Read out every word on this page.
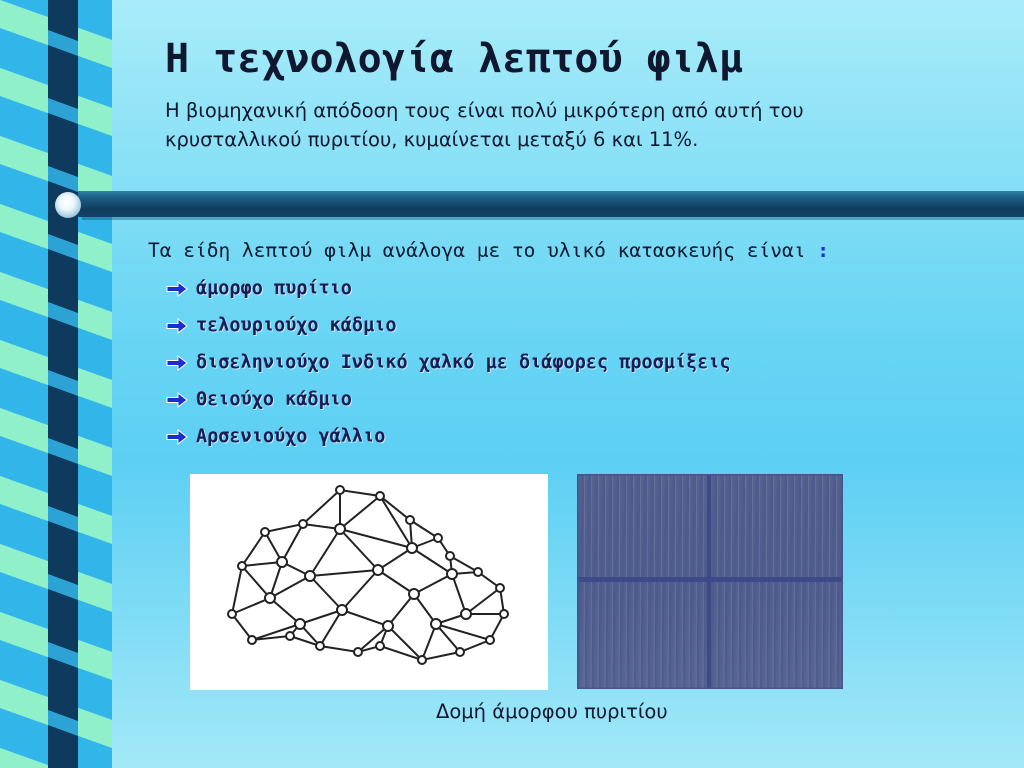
Η τεχνολογία λεπτού φιλμ
Η βιομηχανική απόδοση τους είναι πολύ μικρότερη από αυτή του κρυσταλλικού πυριτίου, κυμαίνεται μεταξύ 6 και 11%.

Τα είδη λεπτού φιλμ ανάλογα με το υλικό κατασκευής είναι :

άμορφο πυρίτιο
τελουριούχο κάδμιο
δισεληνιούχο Ινδικό χαλκό με διάφορες προσμίξεις
Θειούχο κάδμιο
Αρσενιούχο γάλλιο

Δομή άμορφου πυριτίου
